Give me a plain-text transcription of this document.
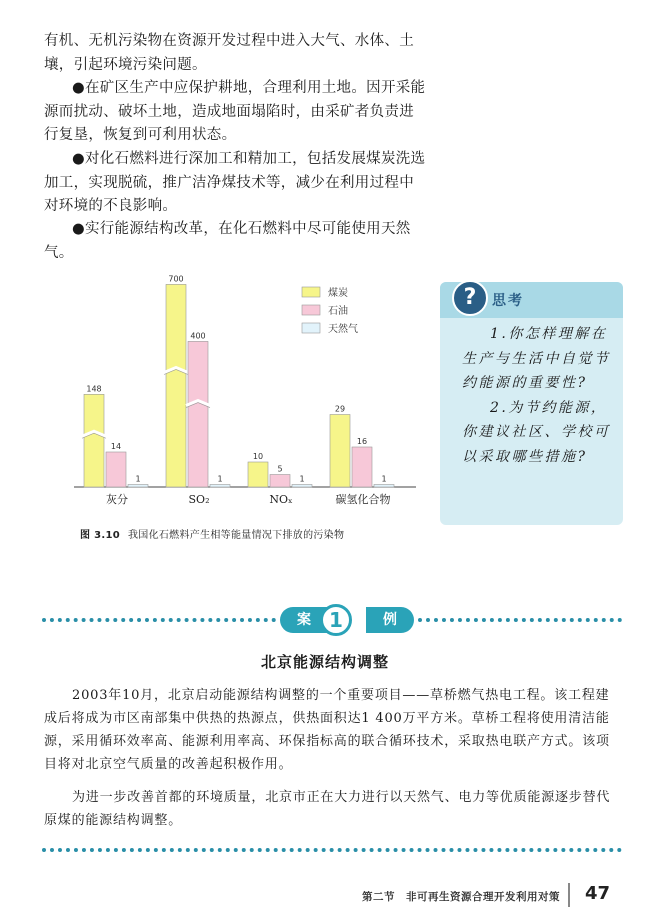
有机、无机污染物在资源开发过程中进入大气、水体、土壤，引起环境污染问题。
●在矿区生产中应保护耕地，合理利用土地。因开采能源而扰动、破坏土地，造成地面塌陷时，由采矿者负责进行复垦，恢复到可利用状态。
●对化石燃料进行深加工和精加工，包括发展煤炭洗选加工，实现脱硫，推广洁净煤技术等，减少在利用过程中对环境的不良影响。
●实行能源结构改革，在化石燃料中尽可能使用天然气。
148
14
1
灰分
700
400
1
SO₂
10
5
1
NOₓ
29
16
1
碳氢化合物
煤炭
石油
天然气
图 3.10 我国化石燃料产生相等能量情况下排放的污染物
?	思考
1.你怎样理解在生产与生活中自觉节约能源的重要性?
2.为节约能源，你建议社区、学校可以采取哪些措施?
案	例
1
北京能源结构调整
2003年10月，北京启动能源结构调整的一个重要项目——草桥燃气热电工程。该工程建成后将成为市区南部集中供热的热源点，供热面积达1 400万平方米。草桥工程将使用清洁能源，采用循环效率高、能源利用率高、环保指标高的联合循环技术，采取热电联产方式。该项目将对北京空气质量的改善起积极作用。
为进一步改善首都的环境质量，北京市正在大力进行以天然气、电力等优质能源逐步替代原煤的能源结构调整。
第二节　非可再生资源合理开发利用对策 47
